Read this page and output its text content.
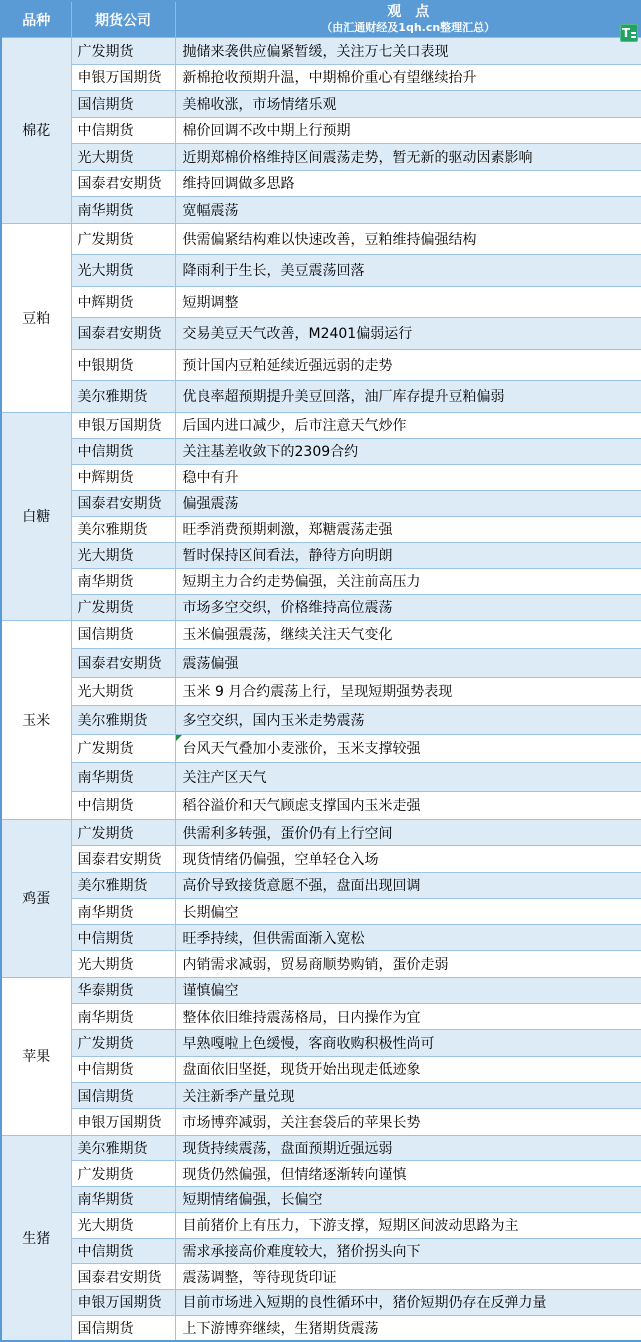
品种	期货公司	观　点
（由汇通财经及1qh.cn整理汇总）

棉花	广发期货	抛储来袭供应偏紧暂缓，关注万七关口表现
	申银万国期货	新棉抢收预期升温，中期棉价重心有望继续抬升
	国信期货	美棉收涨，市场情绪乐观
	中信期货	棉价回调不改中期上行预期
	光大期货	近期郑棉价格维持区间震荡走势，暂无新的驱动因素影响
	国泰君安期货	维持回调做多思路
	南华期货	宽幅震荡
豆粕	广发期货	供需偏紧结构难以快速改善，豆粕维持偏强结构
	光大期货	降雨利于生长，美豆震荡回落
	中辉期货	短期调整
	国泰君安期货	交易美豆天气改善，M2401偏弱运行
	中银期货	预计国内豆粕延续近强远弱的走势
	美尔雅期货	优良率超预期提升美豆回落，油厂库存提升豆粕偏弱
白糖	申银万国期货	后国内进口减少，后市注意天气炒作
	中信期货	关注基差收敛下的2309合约
	中辉期货	稳中有升
	国泰君安期货	偏强震荡
	美尔雅期货	旺季消费预期刺激，郑糖震荡走强
	光大期货	暂时保持区间看法，静待方向明朗
	南华期货	短期主力合约走势偏强，关注前高压力
	广发期货	市场多空交织，价格维持高位震荡
玉米	国信期货	玉米偏强震荡，继续关注天气变化
	国泰君安期货	震荡偏强
	光大期货	玉米 9 月合约震荡上行，呈现短期强势表现
	美尔雅期货	多空交织，国内玉米走势震荡
	广发期货	台风天气叠加小麦涨价，玉米支撑较强
	南华期货	关注产区天气
	中信期货	稻谷溢价和天气顾虑支撑国内玉米走强
鸡蛋	广发期货	供需利多转强，蛋价仍有上行空间
	国泰君安期货	现货情绪仍偏强，空单轻仓入场
	美尔雅期货	高价导致接货意愿不强，盘面出现回调
	南华期货	长期偏空
	中信期货	旺季持续，但供需面渐入宽松
	光大期货	内销需求减弱，贸易商顺势购销，蛋价走弱
苹果	华泰期货	谨慎偏空
	南华期货	整体依旧维持震荡格局，日内操作为宜
	广发期货	早熟嘎啦上色缓慢，客商收购积极性尚可
	中信期货	盘面依旧坚挺，现货开始出现走低迹象
	国信期货	关注新季产量兑现
	申银万国期货	市场博弈减弱，关注套袋后的苹果长势
生猪	美尔雅期货	现货持续震荡，盘面预期近强远弱
	广发期货	现货仍然偏强，但情绪逐渐转向谨慎
	南华期货	短期情绪偏强，长偏空
	光大期货	目前猪价上有压力，下游支撑，短期区间波动思路为主
	中信期货	需求承接高价难度较大，猪价拐头向下
	国泰君安期货	震荡调整，等待现货印证
	申银万国期货	目前市场进入短期的良性循环中，猪价短期仍存在反弹力量
	国信期货	上下游博弈继续，生猪期货震荡
T
